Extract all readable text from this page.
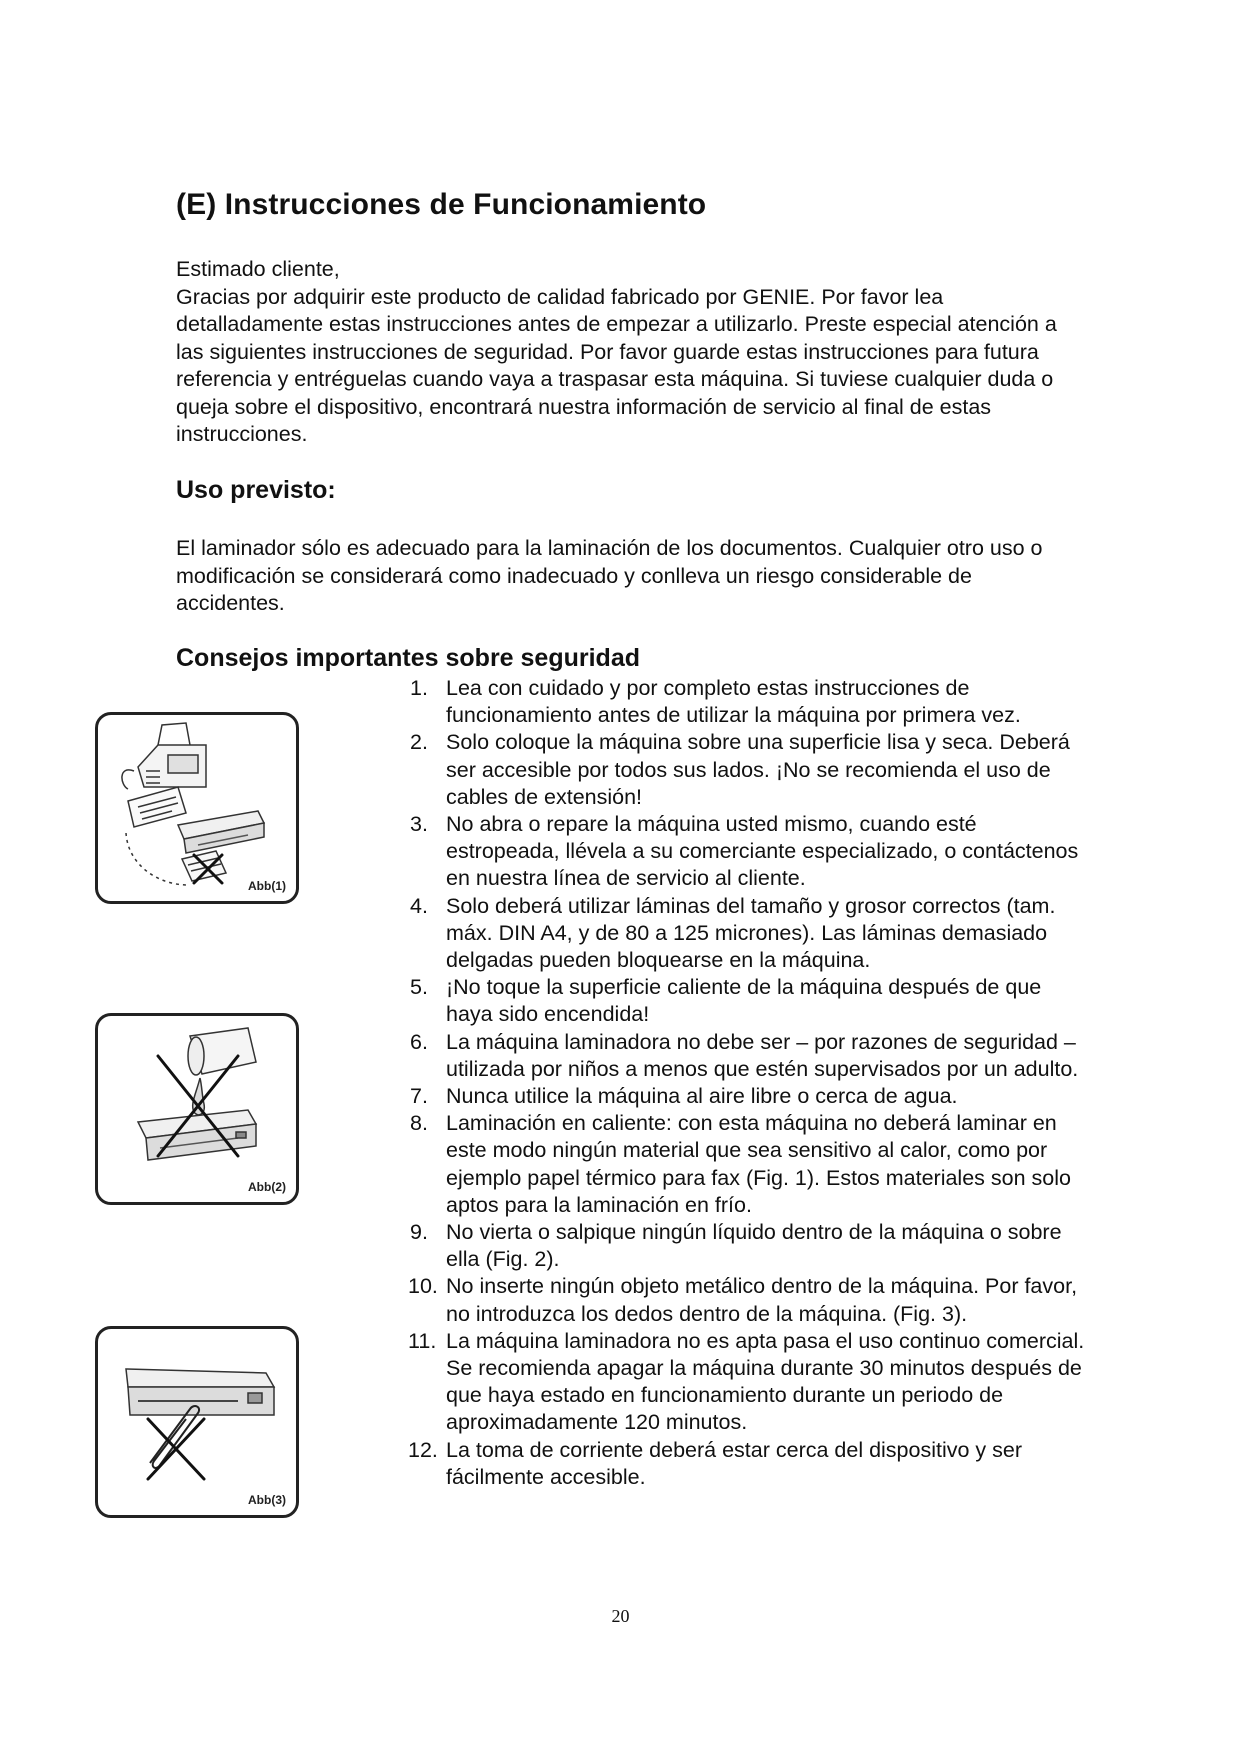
(E) Instrucciones de Funcionamiento

Estimado cliente,

Gracias por adquirir este producto de calidad fabricado por GENIE. Por favor lea detalladamente estas instrucciones antes de empezar a utilizarlo. Preste especial atención a las siguientes instrucciones de seguridad. Por favor guarde estas instrucciones para futura referencia y entréguelas cuando vaya a traspasar esta máquina. Si tuviese cualquier duda o queja sobre el dispositivo, encontrará nuestra información de servicio al final de estas instrucciones.

Uso previsto:

El laminador sólo es adecuado para la laminación de los documentos. Cualquier otro uso o modificación se considerará como inadecuado y conlleva un riesgo considerable de accidentes.

Consejos importantes sobre seguridad
1. Lea con cuidado y por completo estas instrucciones de funcionamiento antes de utilizar la máquina por primera vez.
2. Solo coloque la máquina sobre una superficie lisa y seca. Deberá ser accesible por todos sus lados. ¡No se recomienda el uso de cables de extensión!
3. No abra o repare la máquina usted mismo, cuando esté estropeada, llévela a su comerciante especializado, o contáctenos en nuestra línea de servicio al cliente.
4. Solo deberá utilizar láminas del tamaño y grosor correctos (tam. máx. DIN A4, y de 80 a 125 micrones). Las láminas demasiado delgadas pueden bloquearse en la máquina.
5. ¡No toque la superficie caliente de la máquina después de que haya sido encendida!
6. La máquina laminadora no debe ser – por razones de seguridad – utilizada por niños a menos que estén supervisados por un adulto.
7. Nunca utilice la máquina al aire libre o cerca de agua.
8. Laminación en caliente: con esta máquina no deberá laminar en este modo ningún material que sea sensitivo al calor, como por ejemplo papel térmico para fax (Fig. 1). Estos materiales son solo aptos para la laminación en frío.
9. No vierta o salpique ningún líquido dentro de la máquina o sobre ella (Fig. 2).
10. No inserte ningún objeto metálico dentro de la máquina. Por favor, no introduzca los dedos dentro de la máquina. (Fig. 3).
11. La máquina laminadora no es apta pasa el uso continuo comercial. Se recomienda apagar la máquina durante 30 minutos después de que haya estado en funcionamiento durante un periodo de aproximadamente 120 minutos.
12. La toma de corriente deberá estar cerca del dispositivo y ser fácilmente accesible.
Abb(1)
Abb(2)
Abb(3)
20
